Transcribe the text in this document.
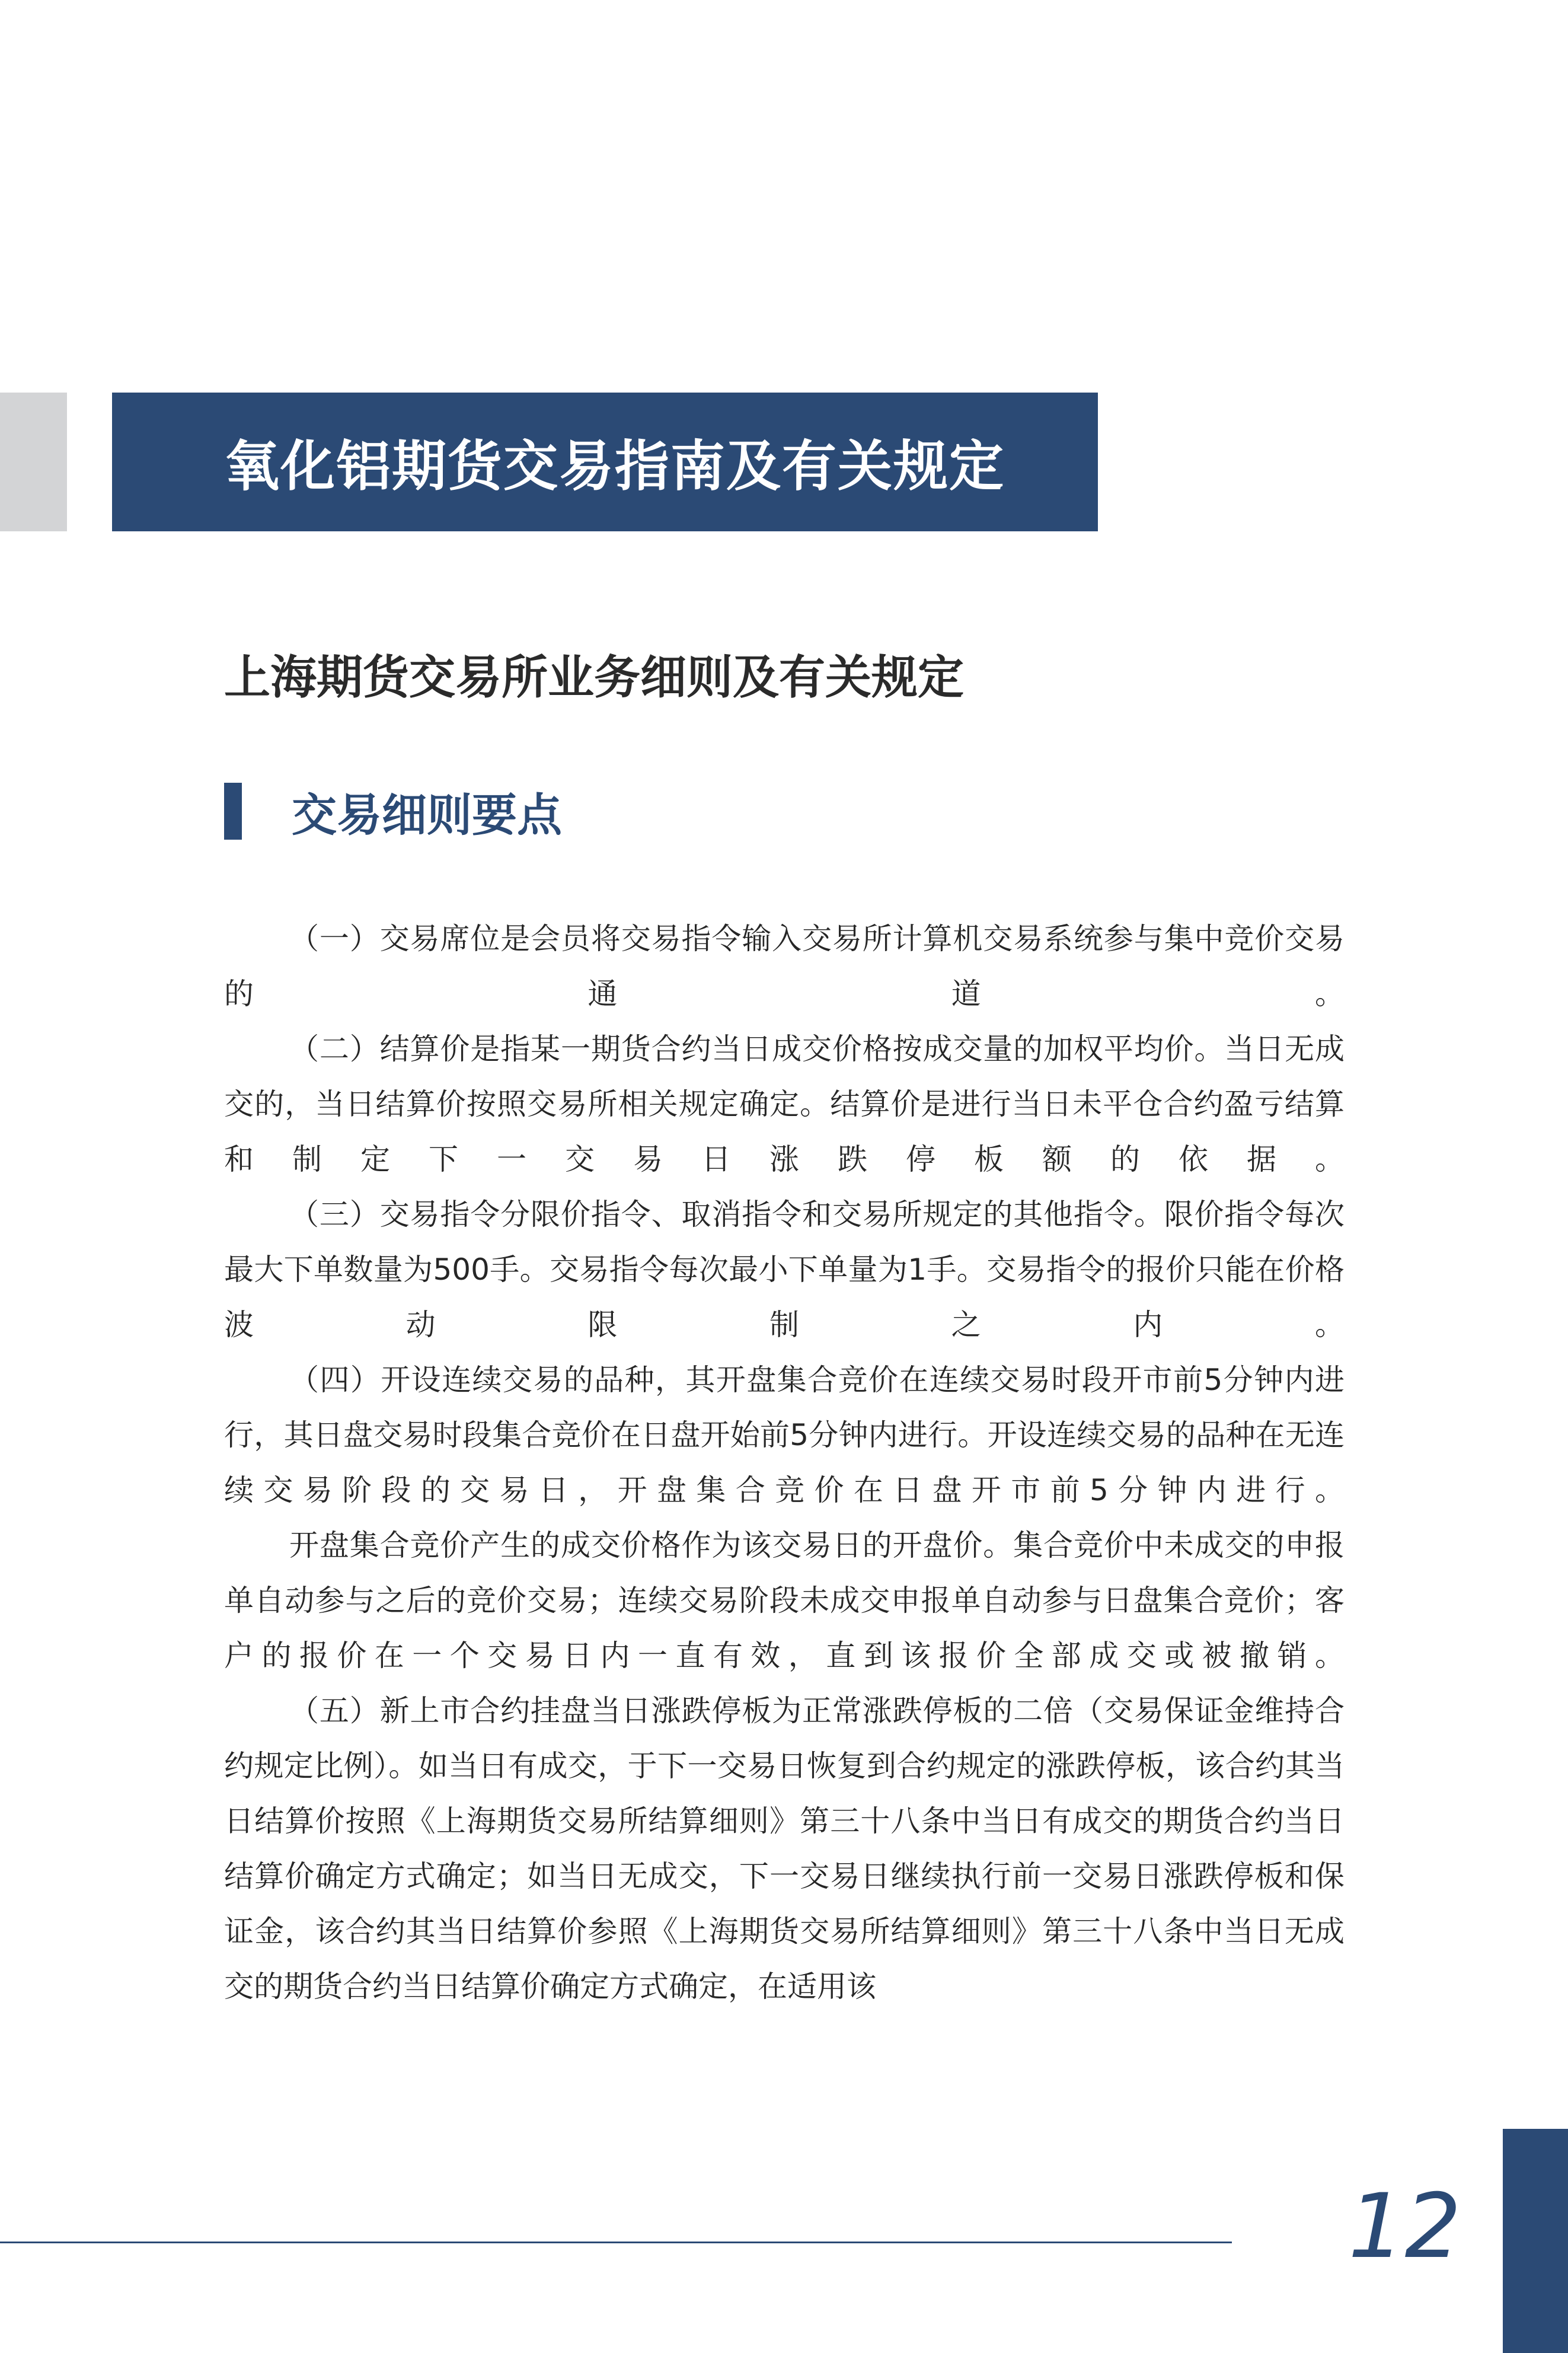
氧化铝期货交易指南及有关规定
上海期货交易所业务细则及有关规定
交易细则要点

（一）交易席位是会员将交易指令输入交易所计算机交易系统参与集中竞价交易的通道。

（二）结算价是指某一期货合约当日成交价格按成交量的加权平均价。当日无成交的，当日结算价按照交易所相关规定确定。结算价是进行当日未平仓合约盈亏结算和制定下一交易日涨跌停板额的依据。

（三）交易指令分限价指令、取消指令和交易所规定的其他指令。限价指令每次最大下单数量为500手。交易指令每次最小下单量为1手。交易指令的报价只能在价格波动限制之内。

（四）开设连续交易的品种，其开盘集合竞价在连续交易时段开市前5分钟内进行，其日盘交易时段集合竞价在日盘开始前5分钟内进行。开设连续交易的品种在无连续交易阶段的交易日，开盘集合竞价在日盘开市前5分钟内进行。

开盘集合竞价产生的成交价格作为该交易日的开盘价。集合竞价中未成交的申报单自动参与之后的竞价交易；连续交易阶段未成交申报单自动参与日盘集合竞价；客户的报价在一个交易日内一直有效，直到该报价全部成交或被撤销。

（五）新上市合约挂盘当日涨跌停板为正常涨跌停板的二倍（交易保证金维持合约规定比例）。如当日有成交，于下一交易日恢复到合约规定的涨跌停板，该合约其当日结算价按照《上海期货交易所结算细则》第三十八条中当日有成交的期货合约当日结算价确定方式确定；如当日无成交，下一交易日继续执行前一交易日涨跌停板和保证金，该合约其当日结算价参照《上海期货交易所结算细则》第三十八条中当日无成交的期货合约当日结算价确定方式确定，在适用该

12
